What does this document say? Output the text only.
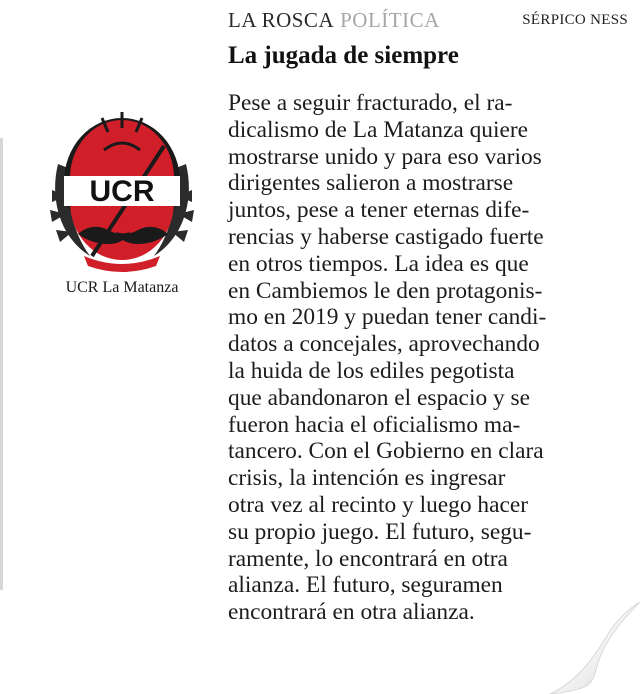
LA ROSCA POLÍTICA	SÉRPICO NESS
La jugada de siempre
Pese a seguir fracturado, el ra-
dicalismo de La Matanza quiere
mostrarse unido y para eso varios
dirigentes salieron a mostrarse
juntos, pese a tener eternas dife-
rencias y haberse castigado fuerte
en otros tiempos. La idea es que
en Cambiemos le den protagonis-
mo en 2019 y puedan tener candi-
datos a concejales, aprovechando
la huida de los ediles pegotista
que abandonaron el espacio y se
fueron hacia el oficialismo ma-
tancero. Con el Gobierno en clara
crisis, la intención es ingresar
otra vez al recinto y luego hacer
su propio juego. El futuro, segu-
ramente, lo encontrará en otra
alianza. El futuro, seguramen
encontrará en otra alianza.
UCR
UCR La Matanza
